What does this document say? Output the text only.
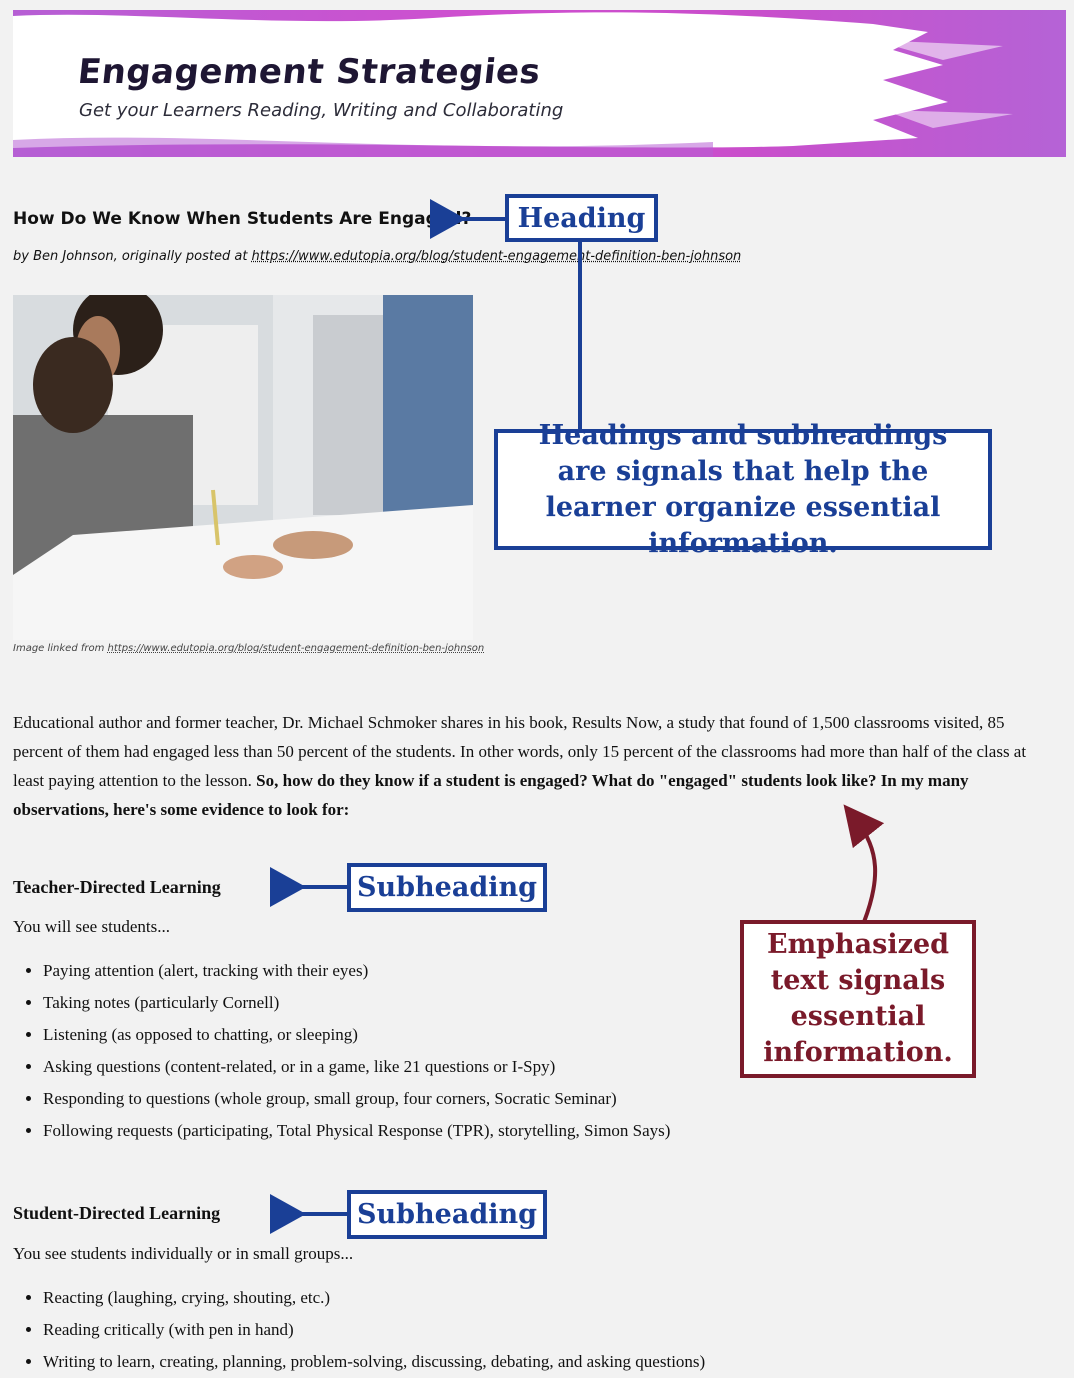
Engagement Strategies
Get your Learners Reading, Writing and Collaborating
How Do We Know When Students Are Engaged?

by Ben Johnson, originally posted at https://www.edutopia.org/blog/student-engagement-definition-ben-johnson

Image linked from https://www.edutopia.org/blog/student-engagement-definition-ben-johnson

Educational author and former teacher, Dr. Michael Schmoker shares in his book, Results Now, a study that found of 1,500 classrooms visited, 85 percent of them had engaged less than 50 percent of the students. In other words, only 15 percent of the classrooms had more than half of the class at least paying attention to the lesson. So, how do they know if a student is engaged? What do "engaged" students look like? In my many observations, here's some evidence to look for:

Teacher-Directed Learning

You will see students...

• Paying attention (alert, tracking with their eyes)
• Taking notes (particularly Cornell)
• Listening (as opposed to chatting, or sleeping)
• Asking questions (content-related, or in a game, like 21 questions or I-Spy)
• Responding to questions (whole group, small group, four corners, Socratic Seminar)
• Following requests (participating, Total Physical Response (TPR), storytelling, Simon Says)
Student-Directed Learning

You see students individually or in small groups...

• Reacting (laughing, crying, shouting, etc.)
• Reading critically (with pen in hand)
• Writing to learn, creating, planning, problem-solving, discussing, debating, and asking questions)
Heading
Headings and subheadings are signals that help the learner organize essential information.
Subheading
Subheading
Emphasized text signals essential information.
